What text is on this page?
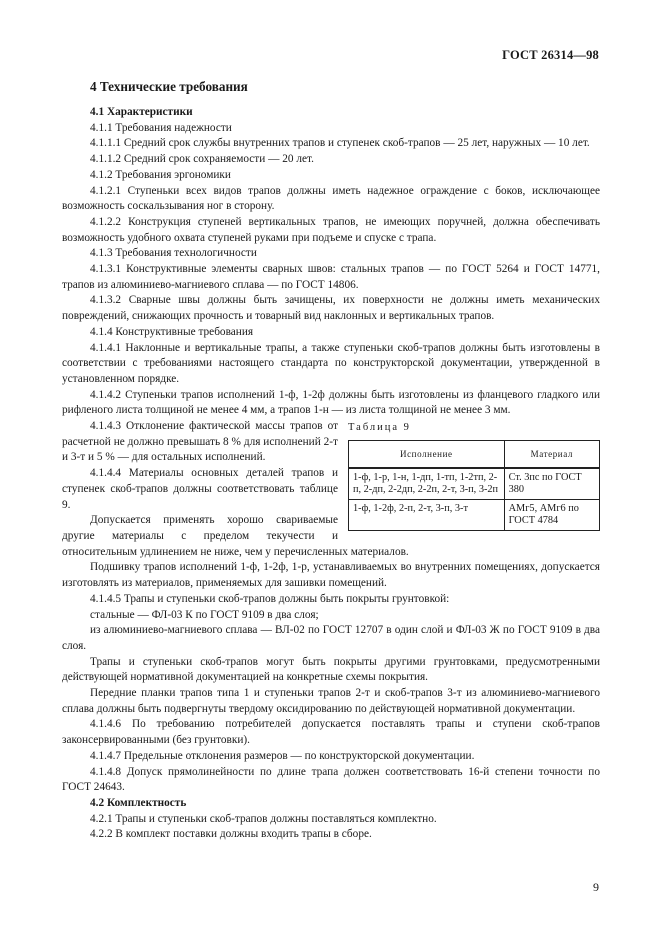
ГОСТ 26314—98
4 Технические требования

4.1 Характеристики

4.1.1 Требования надежности

4.1.1.1 Средний срок службы внутренних трапов и ступенек скоб-трапов — 25 лет, наружных — 10 лет.

4.1.1.2 Средний срок сохраняемости — 20 лет.

4.1.2 Требования эргономики

4.1.2.1 Ступеньки всех видов трапов должны иметь надежное ограждение с боков, исключающее возможность соскальзывания ног в сторону.

4.1.2.2 Конструкция ступеней вертикальных трапов, не имеющих поручней, должна обеспечивать возможность удобного охвата ступеней руками при подъеме и спуске с трапа.

4.1.3 Требования технологичности

4.1.3.1 Конструктивные элементы сварных швов: стальных трапов — по ГОСТ 5264 и ГОСТ 14771, трапов из алюминиево-магниевого сплава — по ГОСТ 14806.

4.1.3.2 Сварные швы должны быть зачищены, их поверхности не должны иметь механических повреждений, снижающих прочность и товарный вид наклонных и вертикальных трапов.

4.1.4 Конструктивные требования

4.1.4.1 Наклонные и вертикальные трапы, а также ступеньки скоб-трапов должны быть изготовлены в соответствии с требованиями настоящего стандарта по конструкторской документации, утвержденной в установленном порядке.

4.1.4.2 Ступеньки трапов исполнений 1-ф, 1-2ф должны быть изготовлены из фланцевого гладкого или рифленого листа толщиной не менее 4 мм, а трапов 1-н — из листа толщиной не менее 3 мм.

Таблица 9
Исполнение	Материал
1-ф, 1-р, 1-н, 1-дп, 1-тп, 1-2тп, 2-п, 2-дп, 2-2дп, 2-2п, 2-т, 3-п, 3-2п	Ст. 3пс по ГОСТ 380
1-ф, 1-2ф, 2-п, 2-т, 3-п, 3-т	АМг5, АМг6 по ГОСТ 4784

4.1.4.3 Отклонение фактической массы трапов от расчетной не должно превышать 8 % для исполнений 2-т и 3-т и 5 % — для остальных исполнений.

4.1.4.4 Материалы основных деталей трапов и ступенек скоб-трапов должны соответствовать таблице 9.

Допускается применять хорошо свариваемые другие материалы с пределом текучести и относительным удлинением не ниже, чем у перечисленных материалов.

Подшивку трапов исполнений 1-ф, 1-2ф, 1-р, устанавливаемых во внутренних помещениях, допускается изготовлять из материалов, применяемых для зашивки помещений.

4.1.4.5 Трапы и ступеньки скоб-трапов должны быть покрыты грунтовкой:

стальные — ФЛ-03 К по ГОСТ 9109 в два слоя;

из алюминиево-магниевого сплава — ВЛ-02 по ГОСТ 12707 в один слой и ФЛ-03 Ж по ГОСТ 9109 в два слоя.

Трапы и ступеньки скоб-трапов могут быть покрыты другими грунтовками, предусмотренными действующей нормативной документацией на конкретные схемы покрытия.

Передние планки трапов типа 1 и ступеньки трапов 2-т и скоб-трапов 3-т из алюминиево-магниевого сплава должны быть подвергнуты твердому оксидированию по действующей нормативной документации.

4.1.4.6 По требованию потребителей допускается поставлять трапы и ступени скоб-трапов законсервированными (без грунтовки).

4.1.4.7 Предельные отклонения размеров — по конструкторской документации.

4.1.4.8 Допуск прямолинейности по длине трапа должен соответствовать 16-й степени точности по ГОСТ 24643.

4.2 Комплектность

4.2.1 Трапы и ступеньки скоб-трапов должны поставляться комплектно.

4.2.2 В комплект поставки должны входить трапы в сборе.

9
